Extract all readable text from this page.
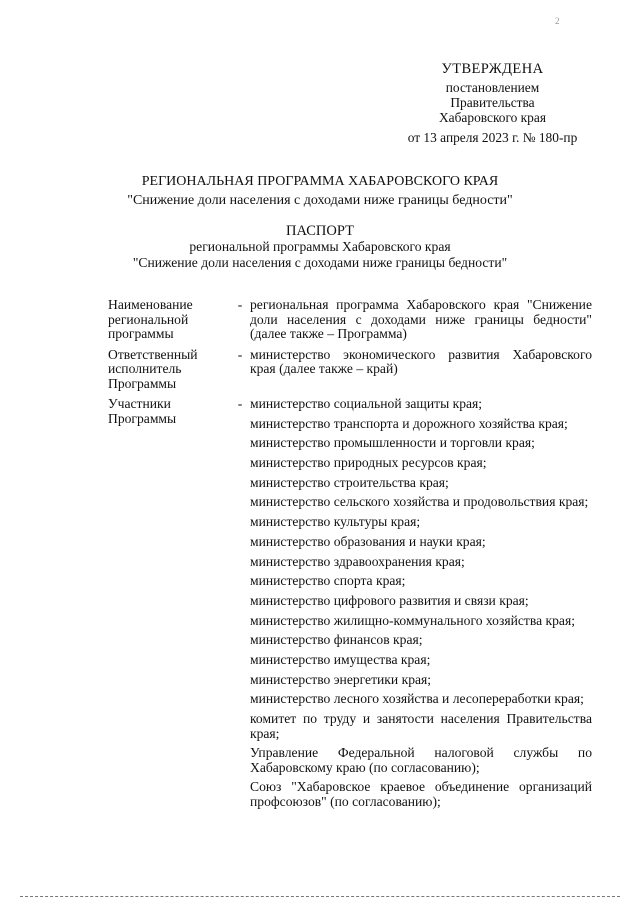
2
УТВЕРЖДЕНА
постановлением
Правительства
Хабаровского края
от 13 апреля 2023 г. № 180-пр
РЕГИОНАЛЬНАЯ ПРОГРАММА ХАБАРОВСКОГО КРАЯ
"Снижение доли населения с доходами ниже границы бедности"
ПАСПОРТ
региональной программы Хабаровского края
"Снижение доли населения с доходами ниже границы бедности"
Наименование региональной программы
- региональная программа Хабаровского края "Снижение доли населения с доходами ниже границы бедности" (далее также – Программа)
Ответственный исполнитель Программы
- министерство экономического развития Хабаровского края (далее также – край)
Участники Программы
- министерство социальной защиты края;
министерство транспорта и дорожного хозяйства края;
министерство промышленности и торговли края;
министерство природных ресурсов края;
министерство строительства края;
министерство сельского хозяйства и продовольствия края;
министерство культуры края;
министерство образования и науки края;
министерство здравоохранения края;
министерство спорта края;
министерство цифрового развития и связи края;
министерство жилищно-коммунального хозяйства края;
министерство финансов края;
министерство имущества края;
министерство энергетики края;
министерство лесного хозяйства и лесопереработки края;
комитет по труду и занятости населения Правительства края;
Управление Федеральной налоговой службы по Хабаровскому краю (по согласованию);
Союз "Хабаровское краевое объединение организаций профсоюзов" (по согласованию);
